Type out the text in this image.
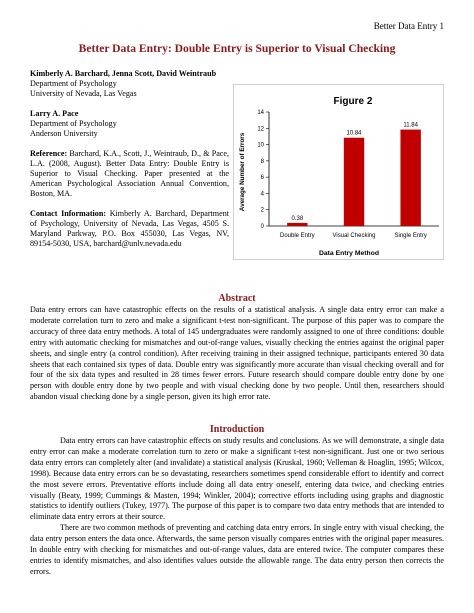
Better Data Entry 1
Better Data Entry: Double Entry is Superior to Visual Checking

Kimberly A. Barchard, Jenna Scott, David Weintraub

Department of Psychology

University of Nevada, Las Vegas

Larry A. Pace

Department of Psychology

Anderson University

Reference: Barchard, K.A., Scott, J., Weintraub, D., & Pace, L.A. (2008, August). Better Data Entry: Double Entry is Superior to Visual Checking. Paper presented at the American Psychological Association Annual Convention, Boston, MA.

Contact Information: Kimberly A. Barchard, Department of Psychology, University of Nevada, Las Vegas, 4505 S. Maryland Parkway, P.O. Box 455030, Las Vegas, NV, 89154-5030, USA, barchard@unlv.nevada.edu

Figure 2
Average Number of Errors
Data Entry Method
0
2
4
6
8
10
12
14
0.38
Double Entry
10.84
Visual Checking
11.84
Single Entry
Abstract

Data entry errors can have catastrophic effects on the results of a statistical analysis. A single data entry error can make a moderate correlation turn to zero and make a significant t-test non-significant. The purpose of this paper was to compare the accuracy of three data entry methods. A total of 145 undergraduates were randomly assigned to one of three conditions: double entry with automatic checking for mismatches and out-of-range values, visually checking the entries against the original paper sheets, and single entry (a control condition). After receiving training in their assigned technique, participants entered 30 data sheets that each contained six types of data. Double entry was significantly more accurate than visual checking overall and for four of the six data types and resulted in 28 times fewer errors. Future research should compare double entry done by one person with double entry done by two people and with visual checking done by two people. Until then, researchers should abandon visual checking done by a single person, given its high error rate.

Introduction

Data entry errors can have catastrophic effects on study results and conclusions. As we will demonstrate, a single data entry error can make a moderate correlation turn to zero or make a significant t-test non-significant. Just one or two serious data entry errors can completely alter (and invalidate) a statistical analysis (Kruskal, 1960; Velleman & Hoaglin, 1995; Wilcox, 1998). Because data entry errors can be so devastating, researchers sometimes spend considerable effort to identify and correct the most severe errors. Preventative efforts include doing all data entry oneself, entering data twice, and checking entries visually (Beaty, 1999; Cummings & Masten, 1994; Winkler, 2004); corrective efforts including using graphs and diagnostic statistics to identify outliers (Tukey, 1977). The purpose of this paper is to compare two data entry methods that are intended to eliminate data entry errors at their source.

There are two common methods of preventing and catching data entry errors. In single entry with visual checking, the data entry person enters the data once. Afterwards, the same person visually compares entries with the original paper measures. In double entry with checking for mismatches and out-of-range values, data are entered twice. The computer compares these entries to identify mismatches, and also identifies values outside the allowable range. The data entry person then corrects the errors.
